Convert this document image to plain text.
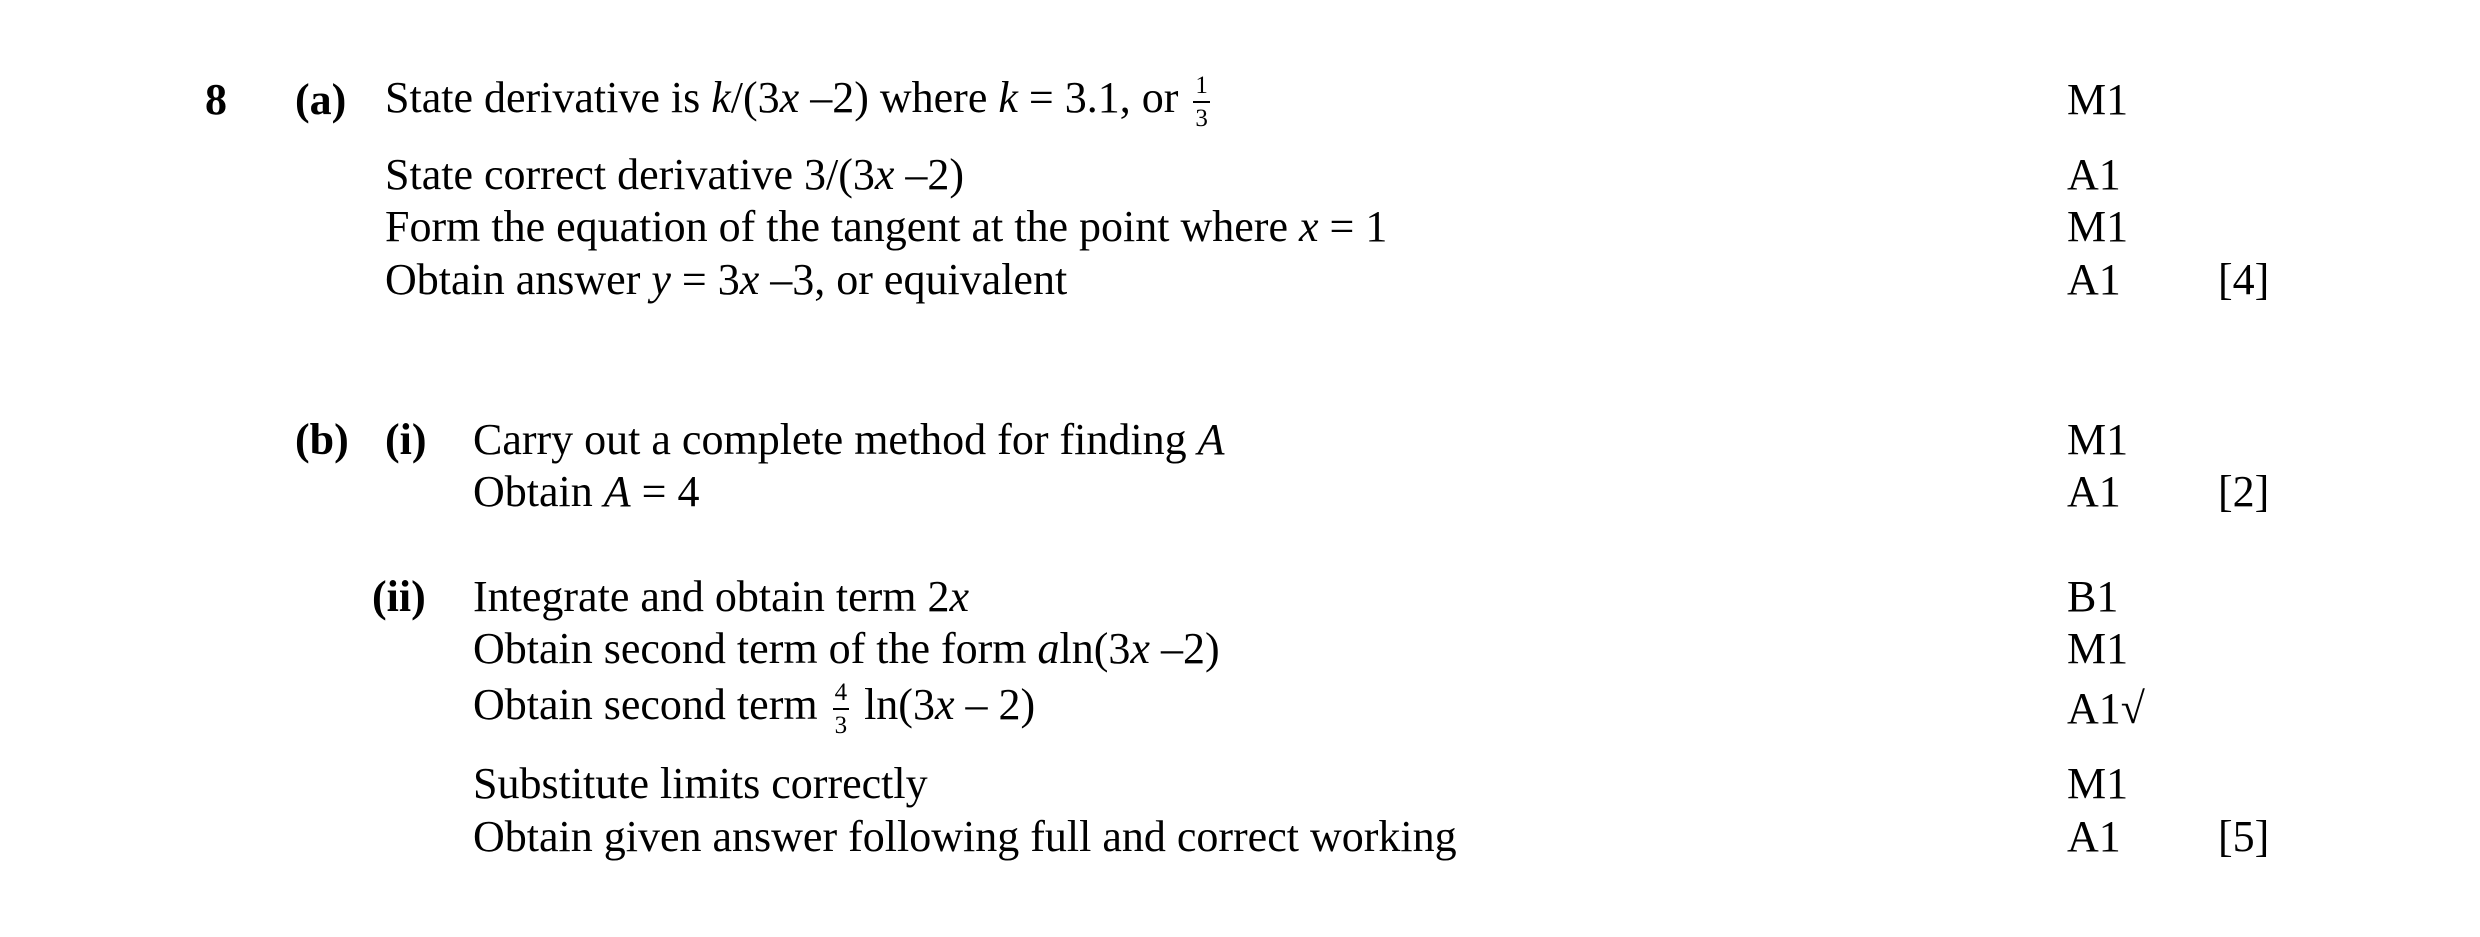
8 (a) State derivative is k/(3x –2) where k = 3.1, or $\frac{1}{3}$	M1
State correct derivative 3/(3x –2)	A1
Form the equation of the tangent at the point where x = 1	M1
Obtain answer y = 3x –3, or equivalent	A1 [4]
(b) (i) Carry out a complete method for finding A	M1
Obtain A = 4	A1 [2]
(ii) Integrate and obtain term 2x	B1
Obtain second term of the form aln(3x –2)	M1
Obtain second term $\frac{4}{3} \ln(3x - 2)$	A1√
Substitute limits correctly	M1
Obtain given answer following full and correct working	A1 [5]
